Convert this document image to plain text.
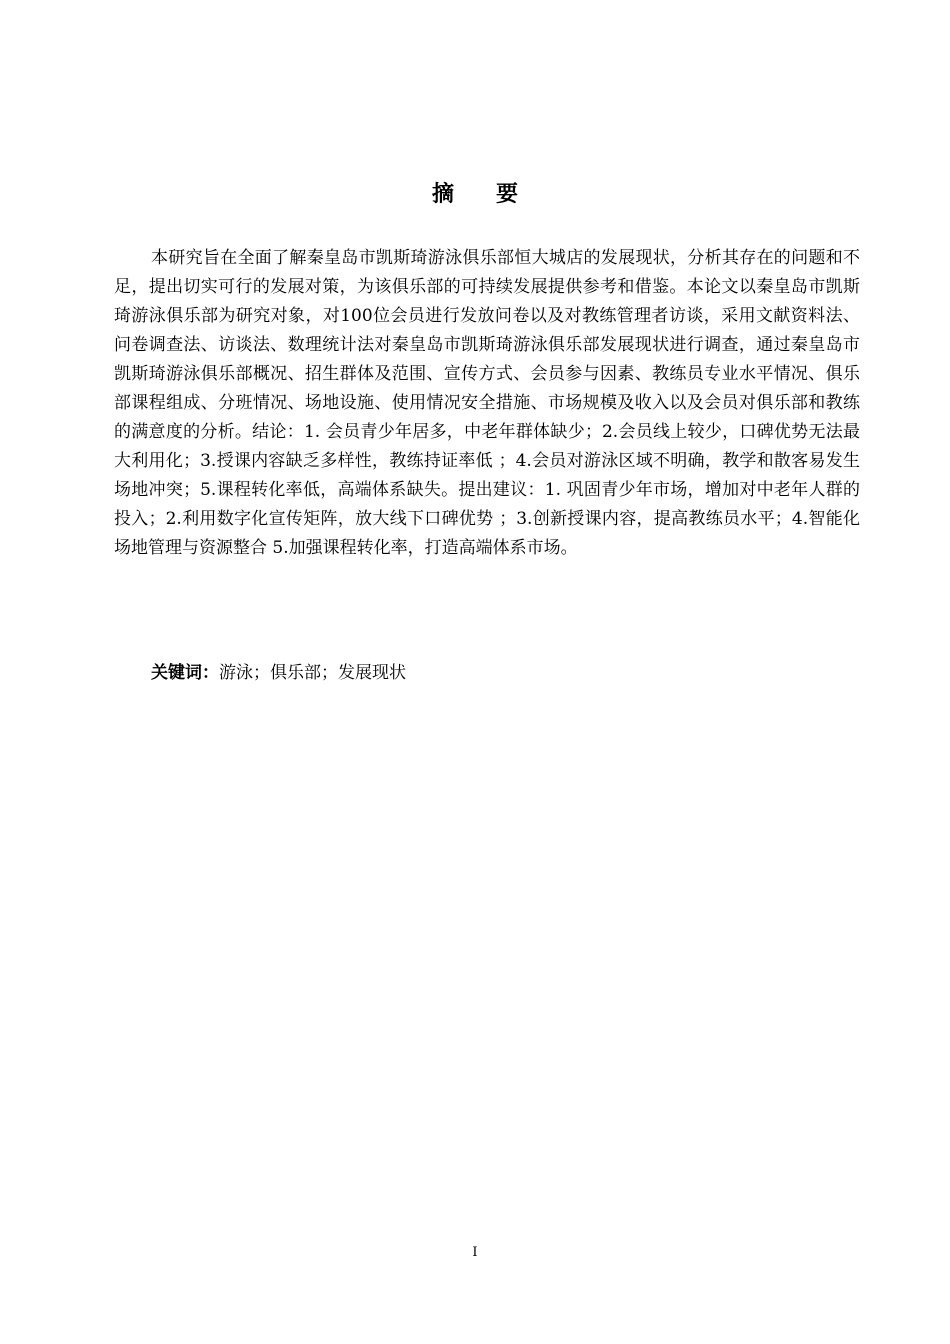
摘 要

本研究旨在全面了解秦皇岛市凯斯琦游泳俱乐部恒大城店的发展现状，分析其存在的问题和不足，提出切实可行的发展对策，为该俱乐部的可持续发展提供参考和借鉴。本论文以秦皇岛市凯斯琦游泳俱乐部为研究对象，对100位会员进行发放问卷以及对教练管理者访谈，采用文献资料法、问卷调查法、访谈法、数理统计法对秦皇岛市凯斯琦游泳俱乐部发展现状进行调查，通过秦皇岛市凯斯琦游泳俱乐部概况、招生群体及范围、宣传方式、会员参与因素、教练员专业水平情况、俱乐部课程组成、分班情况、场地设施、使用情况安全措施、市场规模及收入以及会员对俱乐部和教练的满意度的分析。结论：1. 会员青少年居多，中老年群体缺少；2.会员线上较少，口碑优势无法最大利用化；3.授课内容缺乏多样性，教练持证率低 ；4.会员对游泳区域不明确，教学和散客易发生场地冲突；5.课程转化率低，高端体系缺失。提出建议：1. 巩固青少年市场，增加对中老年人群的投入；2.利用数字化宣传矩阵，放大线下口碑优势 ；3.创新授课内容，提高教练员水平；4.智能化场地管理与资源整合 5.加强课程转化率，打造高端体系市场。

关键词：游泳；俱乐部；发展现状
I
